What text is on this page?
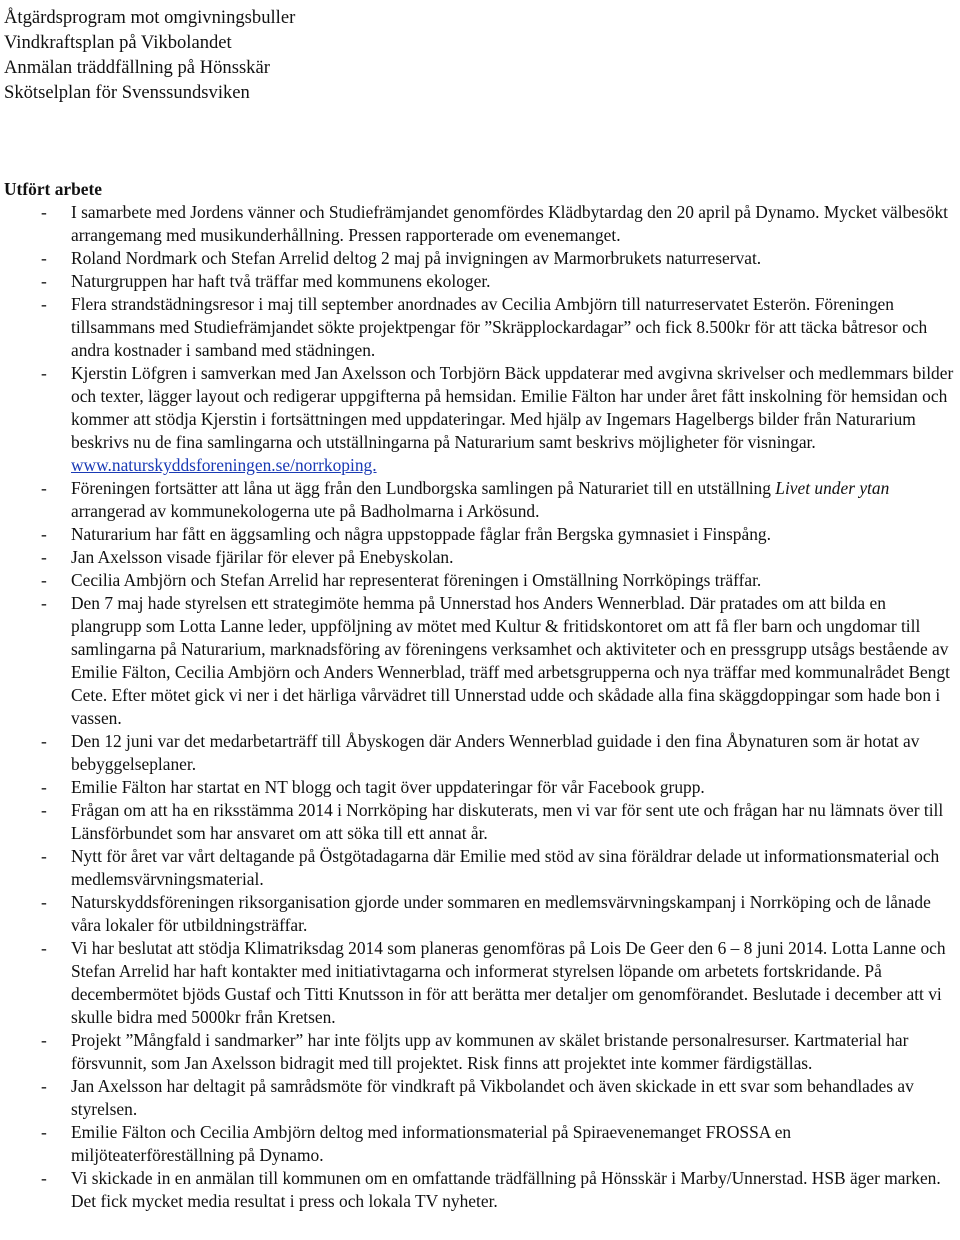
Åtgärdsprogram mot omgivningsbuller
Vindkraftsplan på Vikbolandet
Anmälan träddfällning på Hönsskär
Skötselplan för Svenssundsviken
Utfört arbete
- I samarbete med Jordens vänner och Studiefrämjandet genomfördes Klädbytardag den 20 april på Dynamo. Mycket välbesökt arrangemang med musikunderhållning. Pressen rapporterade om evenemanget.
- Roland Nordmark och Stefan Arrelid deltog 2 maj på invigningen av Marmorbrukets naturreservat.
- Naturgruppen har haft två träffar med kommunens ekologer.
- Flera strandstädningsresor i maj till september anordnades av Cecilia Ambjörn till naturreservatet Esterön. Föreningen tillsammans med Studiefrämjandet sökte projektpengar för ”Skräpplockardagar” och fick 8.500kr för att täcka båtresor och andra kostnader i samband med städningen.
- Kjerstin Löfgren i samverkan med Jan Axelsson och Torbjörn Bäck uppdaterar med avgivna skrivelser och medlemmars bilder och texter, lägger layout och redigerar uppgifterna på hemsidan. Emilie Fälton har under året fått inskolning för hemsidan och kommer att stödja Kjerstin i fortsättningen med uppdateringar. Med hjälp av Ingemars Hagelbergs bilder från Naturarium beskrivs nu de fina samlingarna och utställningarna på Naturarium samt beskrivs möjligheter för visningar. www.naturskyddsforeningen.se/norrkoping.
- Föreningen fortsätter att låna ut ägg från den Lundborgska samlingen på Naturariet till en utställning Livet under ytan arrangerad av kommunekologerna ute på Badholmarna i Arkösund.
- Naturarium har fått en äggsamling och några uppstoppade fåglar från Bergska gymnasiet i Finspång.
- Jan Axelsson visade fjärilar för elever på Enebyskolan.
- Cecilia Ambjörn och Stefan Arrelid har representerat föreningen i Omställning Norrköpings träffar.
- Den 7 maj hade styrelsen ett strategimöte hemma på Unnerstad hos Anders Wennerblad. Där pratades om att bilda en plangrupp som Lotta Lanne leder, uppföljning av mötet med Kultur & fritidskontoret om att få fler barn och ungdomar till samlingarna på Naturarium, marknadsföring av föreningens verksamhet och aktiviteter och en pressgrupp utsågs bestående av Emilie Fälton, Cecilia Ambjörn och Anders Wennerblad, träff med arbetsgrupperna och nya träffar med kommunalrådet Bengt Cete. Efter mötet gick vi ner i det härliga vårvädret till Unnerstad udde och skådade alla fina skäggdoppingar som hade bon i vassen.
- Den 12 juni var det medarbetarträff till Åbyskogen där Anders Wennerblad guidade i den fina Åbynaturen som är hotat av bebyggelseplaner.
- Emilie Fälton har startat en NT blogg och tagit över uppdateringar för vår Facebook grupp.
- Frågan om att ha en riksstämma 2014 i Norrköping har diskuterats, men vi var för sent ute och frågan har nu lämnats över till Länsförbundet som har ansvaret om att söka till ett annat år.
- Nytt för året var vårt deltagande på Östgötadagarna där Emilie med stöd av sina föräldrar delade ut informationsmaterial och medlemsvärvningsmaterial.
- Naturskyddsföreningen riksorganisation gjorde under sommaren en medlemsvärvningskampanj i Norrköping och de lånade våra lokaler för utbildningsträffar.
- Vi har beslutat att stödja Klimatriksdag 2014 som planeras genomföras på Lois De Geer den 6 – 8 juni 2014. Lotta Lanne och Stefan Arrelid har haft kontakter med initiativtagarna och informerat styrelsen löpande om arbetets fortskridande. På decembermötet bjöds Gustaf och Titti Knutsson in för att berätta mer detaljer om genomförandet. Beslutade i december att vi skulle bidra med 5000kr från Kretsen.
- Projekt ”Mångfald i sandmarker” har inte följts upp av kommunen av skälet bristande personalresurser. Kartmaterial har försvunnit, som Jan Axelsson bidragit med till projektet. Risk finns att projektet inte kommer färdigställas.
- Jan Axelsson har deltagit på samrådsmöte för vindkraft på Vikbolandet och även skickade in ett svar som behandlades av styrelsen.
- Emilie Fälton och Cecilia Ambjörn deltog med informationsmaterial på Spiraevenemanget FROSSA en miljöteaterföreställning på Dynamo.
- Vi skickade in en anmälan till kommunen om en omfattande trädfällning på Hönsskär i Marby/Unnerstad. HSB äger marken. Det fick mycket media resultat i press och lokala TV nyheter.
